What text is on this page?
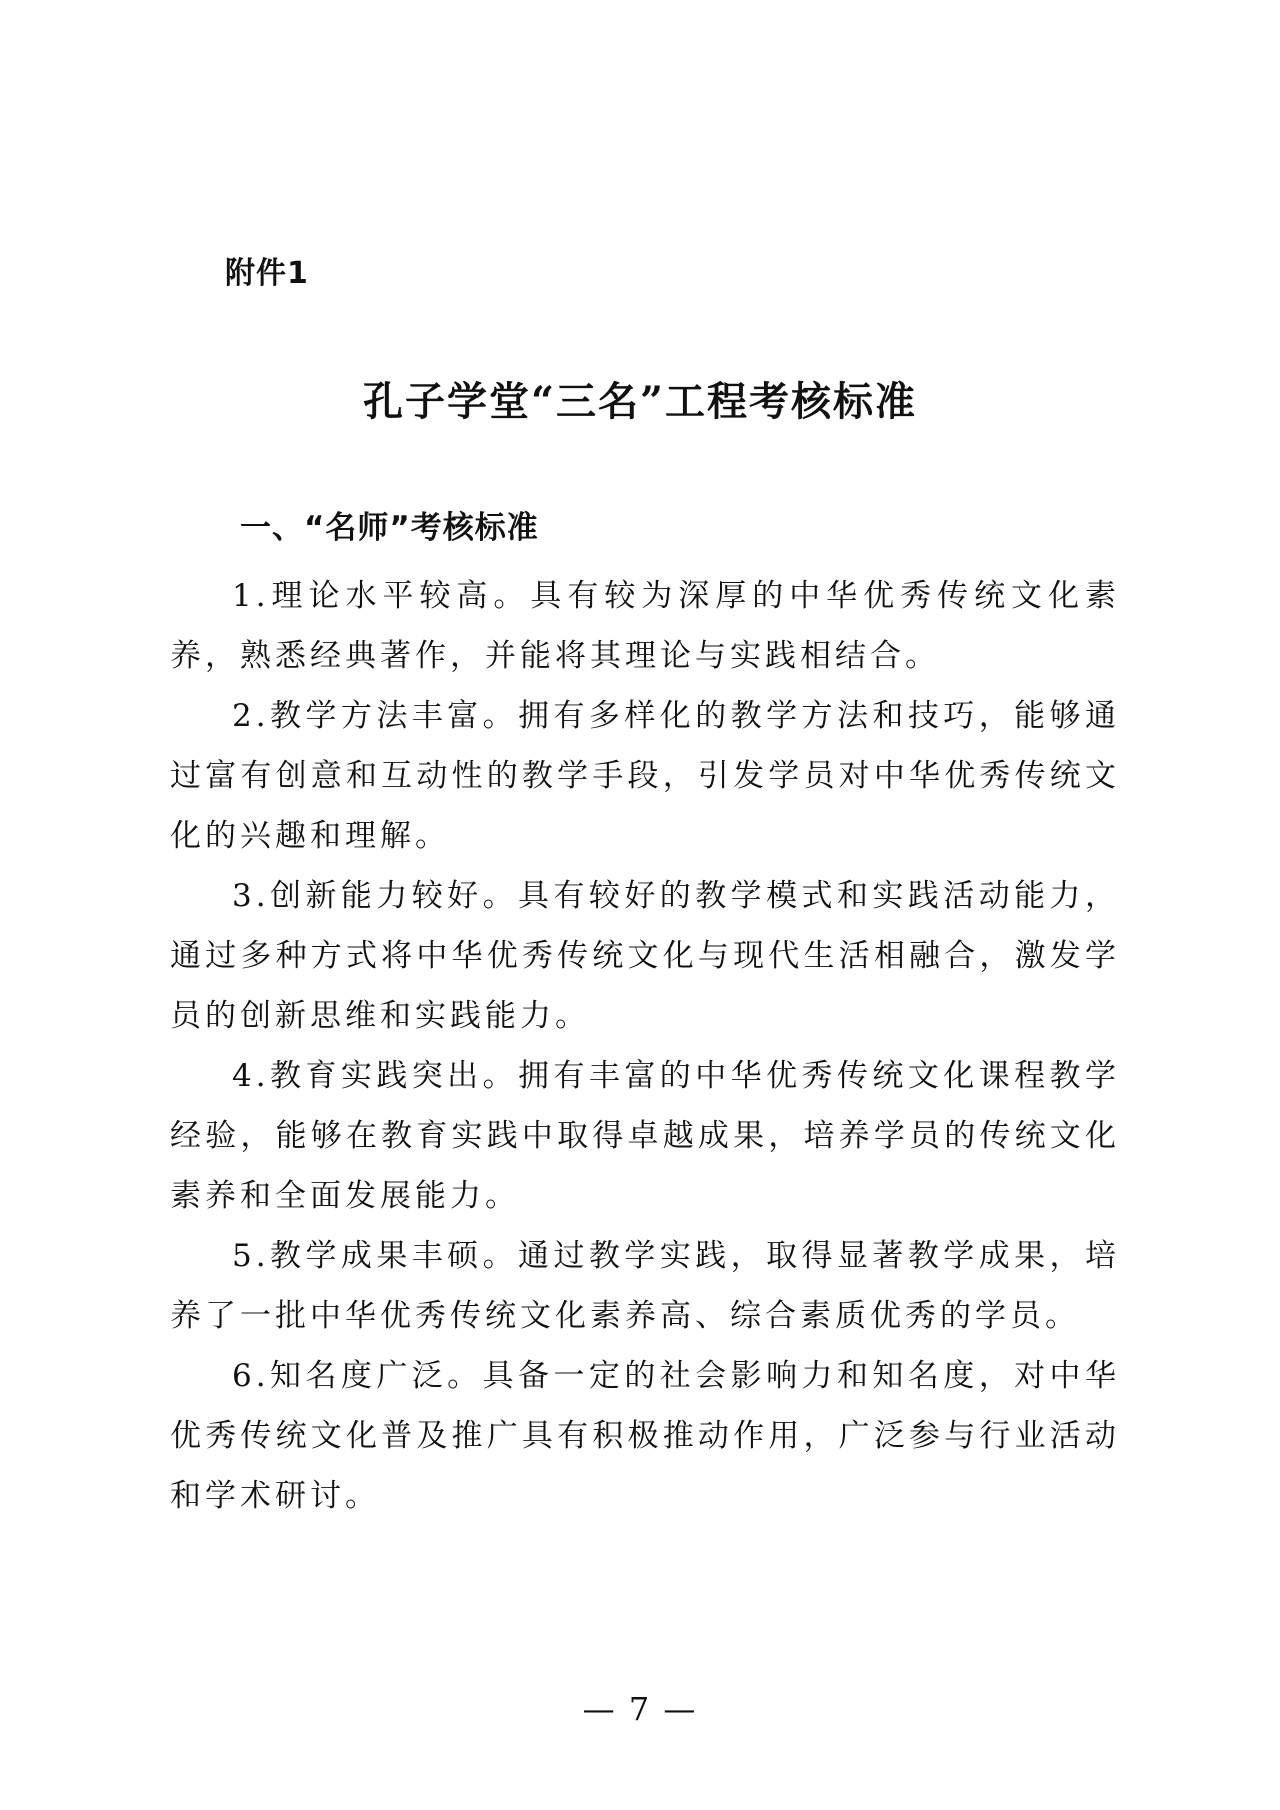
附件1
孔子学堂“三名”工程考核标准
一、“名师”考核标准

1.理论水平较高。具有较为深厚的中华优秀传统文化素养，熟悉经典著作，并能将其理论与实践相结合。

2.教学方法丰富。拥有多样化的教学方法和技巧，能够通过富有创意和互动性的教学手段，引发学员对中华优秀传统文化的兴趣和理解。

3.创新能力较好。具有较好的教学模式和实践活动能力，通过多种方式将中华优秀传统文化与现代生活相融合，激发学员的创新思维和实践能力。

4.教育实践突出。拥有丰富的中华优秀传统文化课程教学经验，能够在教育实践中取得卓越成果，培养学员的传统文化素养和全面发展能力。

5.教学成果丰硕。通过教学实践，取得显著教学成果，培养了一批中华优秀传统文化素养高、综合素质优秀的学员。

6.知名度广泛。具备一定的社会影响力和知名度，对中华优秀传统文化普及推广具有积极推动作用，广泛参与行业活动和学术研讨。

— 7 —
